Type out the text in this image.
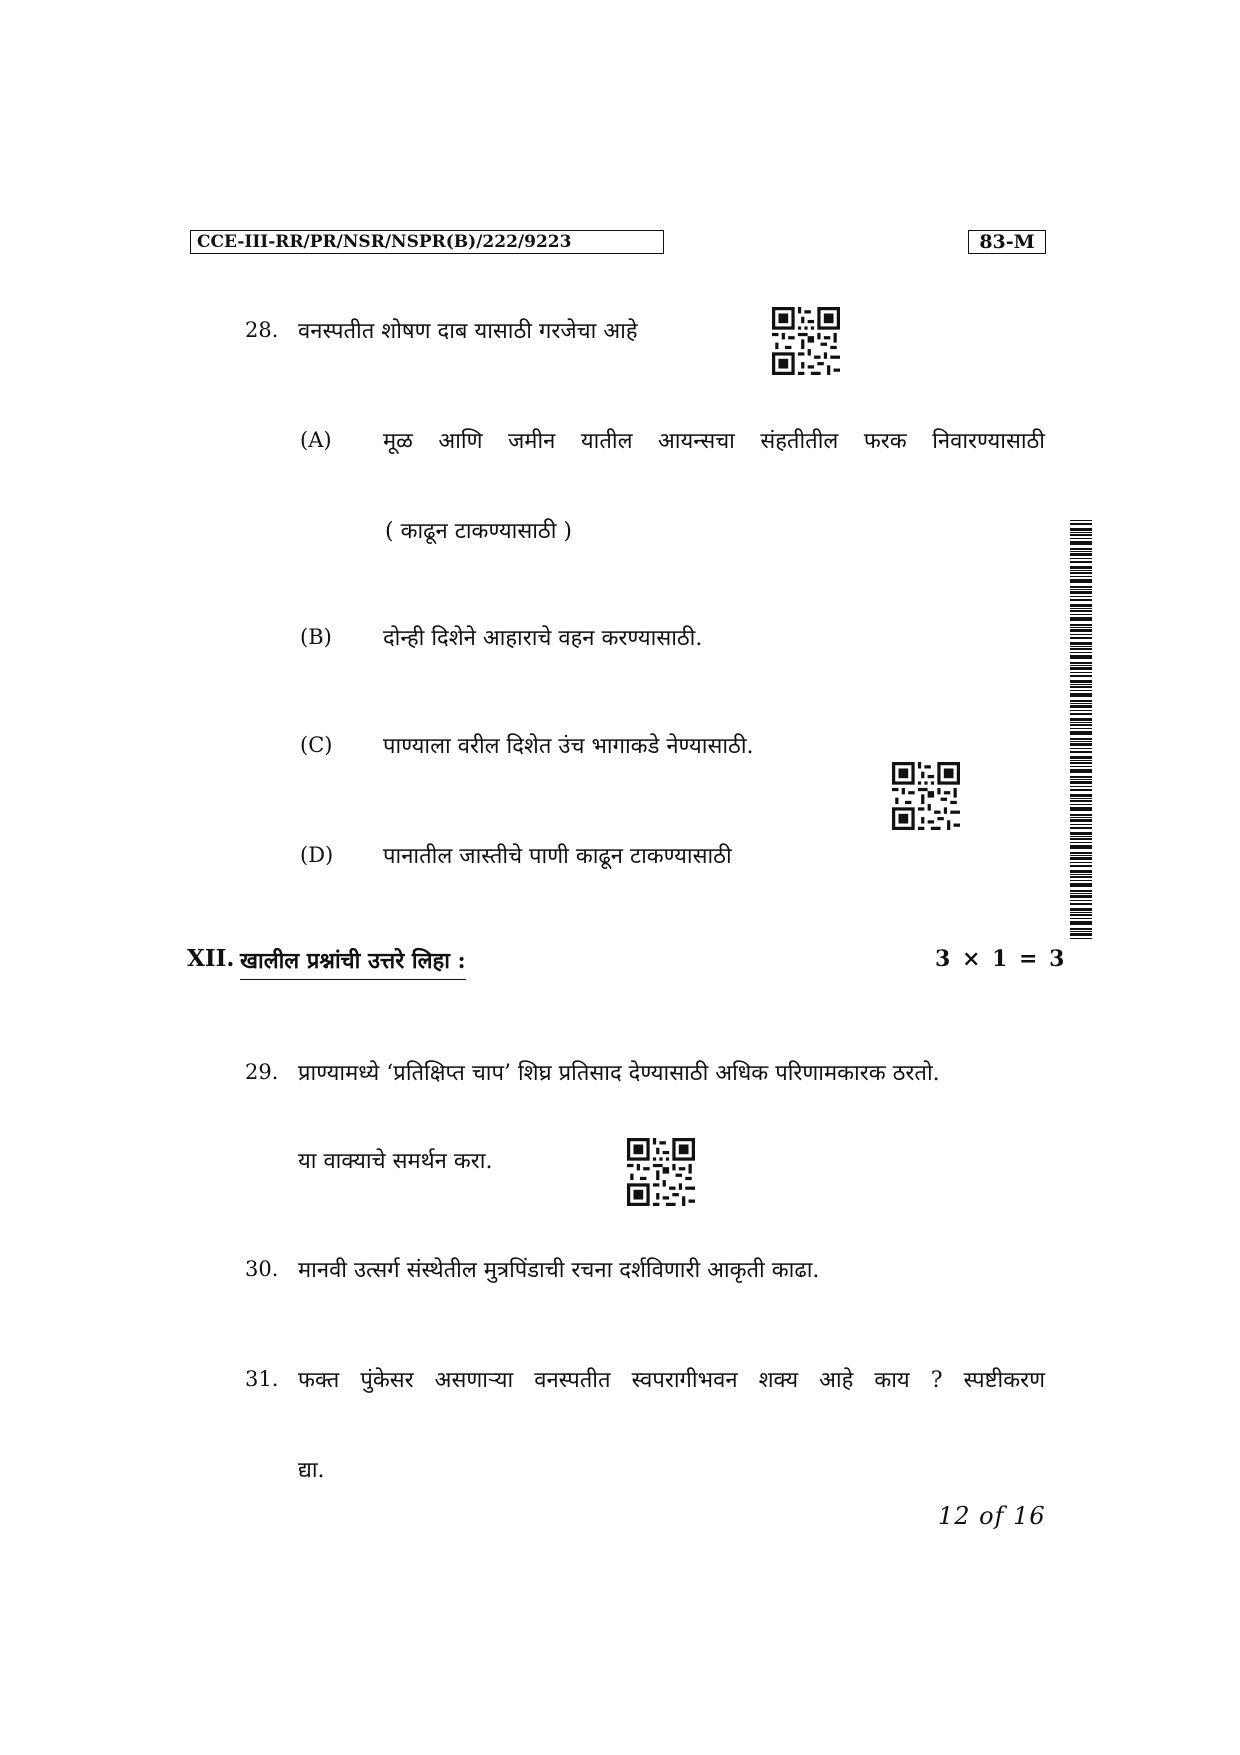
CCE-III-RR/PR/NSR/NSPR(B)/222/9223	83-M
28. वनस्पतीत शोषण दाब यासाठी गरजेचा आहे
(A) मूळ आणि जमीन यातील आयन्सचा संहतीतील फरक निवारण्यासाठी
( काढून टाकण्यासाठी )
(B) दोन्ही दिशेने आहाराचे वहन करण्यासाठी.
(C) पाण्याला वरील दिशेत उंच भागाकडे नेण्यासाठी.
(D) पानातील जास्तीचे पाणी काढून टाकण्यासाठी
XII. खालील प्रश्नांची उत्तरे लिहा :	3 × 1 = 3
29. प्राण्यामध्ये ‘प्रतिक्षिप्त चाप’ शिघ्र प्रतिसाद देण्यासाठी अधिक परिणामकारक ठरतो.
या वाक्याचे समर्थन करा.
30. मानवी उत्सर्ग संस्थेतील मुत्रपिंडाची रचना दर्शविणारी आकृती काढा.
31. फक्त पुंकेसर असणाऱ्या वनस्पतीत स्वपरागीभवन शक्य आहे काय ? स्पष्टीकरण
द्या.
12 of 16
